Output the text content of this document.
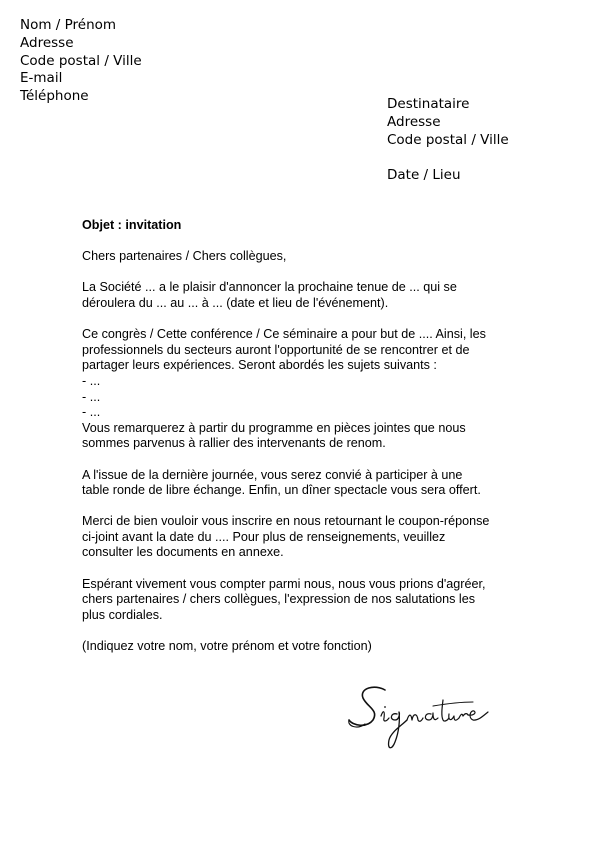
Nom / Prénom
Adresse
Code postal / Ville
E-mail
Téléphone	Destinataire
Adresse
Code postal / Ville
Date / Lieu
Objet : invitation
Chers partenaires / Chers collègues,
La Société ... a le plaisir d'annoncer la prochaine tenue de ... qui se
déroulera du ... au ... à ... (date et lieu de l'événement).
Ce congrès / Cette conférence / Ce séminaire a pour but de .... Ainsi, les
professionnels du secteurs auront l'opportunité de se rencontrer et de
partager leurs expériences. Seront abordés les sujets suivants :
- ...
- ...
- ...
Vous remarquerez à partir du programme en pièces jointes que nous
sommes parvenus à rallier des intervenants de renom.
A l'issue de la dernière journée, vous serez convié à participer à une
table ronde de libre échange. Enfin, un dîner spectacle vous sera offert.
Merci de bien vouloir vous inscrire en nous retournant le coupon-réponse
ci-joint avant la date du .... Pour plus de renseignements, veuillez
consulter les documents en annexe.
Espérant vivement vous compter parmi nous, nous vous prions d'agréer,
chers partenaires / chers collègues, l'expression de nos salutations les
plus cordiales.
(Indiquez votre nom, votre prénom et votre fonction)
